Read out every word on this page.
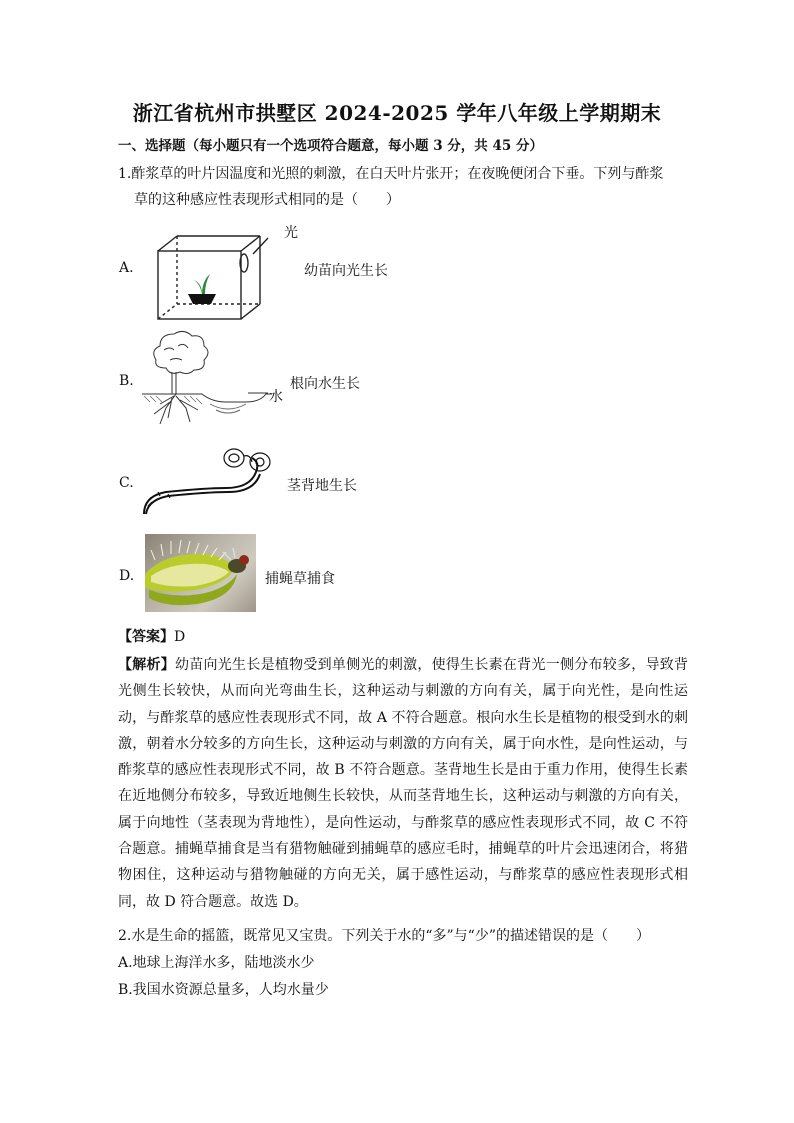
浙江省杭州市拱墅区 2024-2025 学年八年级上学期期末
一、选择题（每小题只有一个选项符合题意，每小题 3 分，共 45 分）
1.酢浆草的叶片因温度和光照的刺激，在白天叶片张开；在夜晚便闭合下垂。下列与酢浆
草的这种感应性表现形式相同的是（　　）
A.
光
幼苗向光生长
B.
水
根向水生长
C.	茎背地生长
D.	捕蝇草捕食
【答案】D
【解析】幼苗向光生长是植物受到单侧光的刺激，使得生长素在背光一侧分布较多，导致背光侧生长较快，从而向光弯曲生长，这种运动与刺激的方向有关，属于向光性，是向性运动，与酢浆草的感应性表现形式不同，故 A 不符合题意。根向水生长是植物的根受到水的刺激，朝着水分较多的方向生长，这种运动与刺激的方向有关，属于向水性，是向性运动，与酢浆草的感应性表现形式不同，故 B 不符合题意。茎背地生长是由于重力作用，使得生长素在近地侧分布较多，导致近地侧生长较快，从而茎背地生长，这种运动与刺激的方向有关，属于向地性（茎表现为背地性），是向性运动，与酢浆草的感应性表现形式不同，故 C 不符合题意。捕蝇草捕食是当有猎物触碰到捕蝇草的感应毛时，捕蝇草的叶片会迅速闭合，将猎物困住，这种运动与猎物触碰的方向无关，属于感性运动，与酢浆草的感应性表现形式相同，故 D 符合题意。故选 D。
2.水是生命的摇篮，既常见又宝贵。下列关于水的“多”与“少”的描述错误的是（　　）
A.地球上海洋水多，陆地淡水少
B.我国水资源总量多，人均水量少
